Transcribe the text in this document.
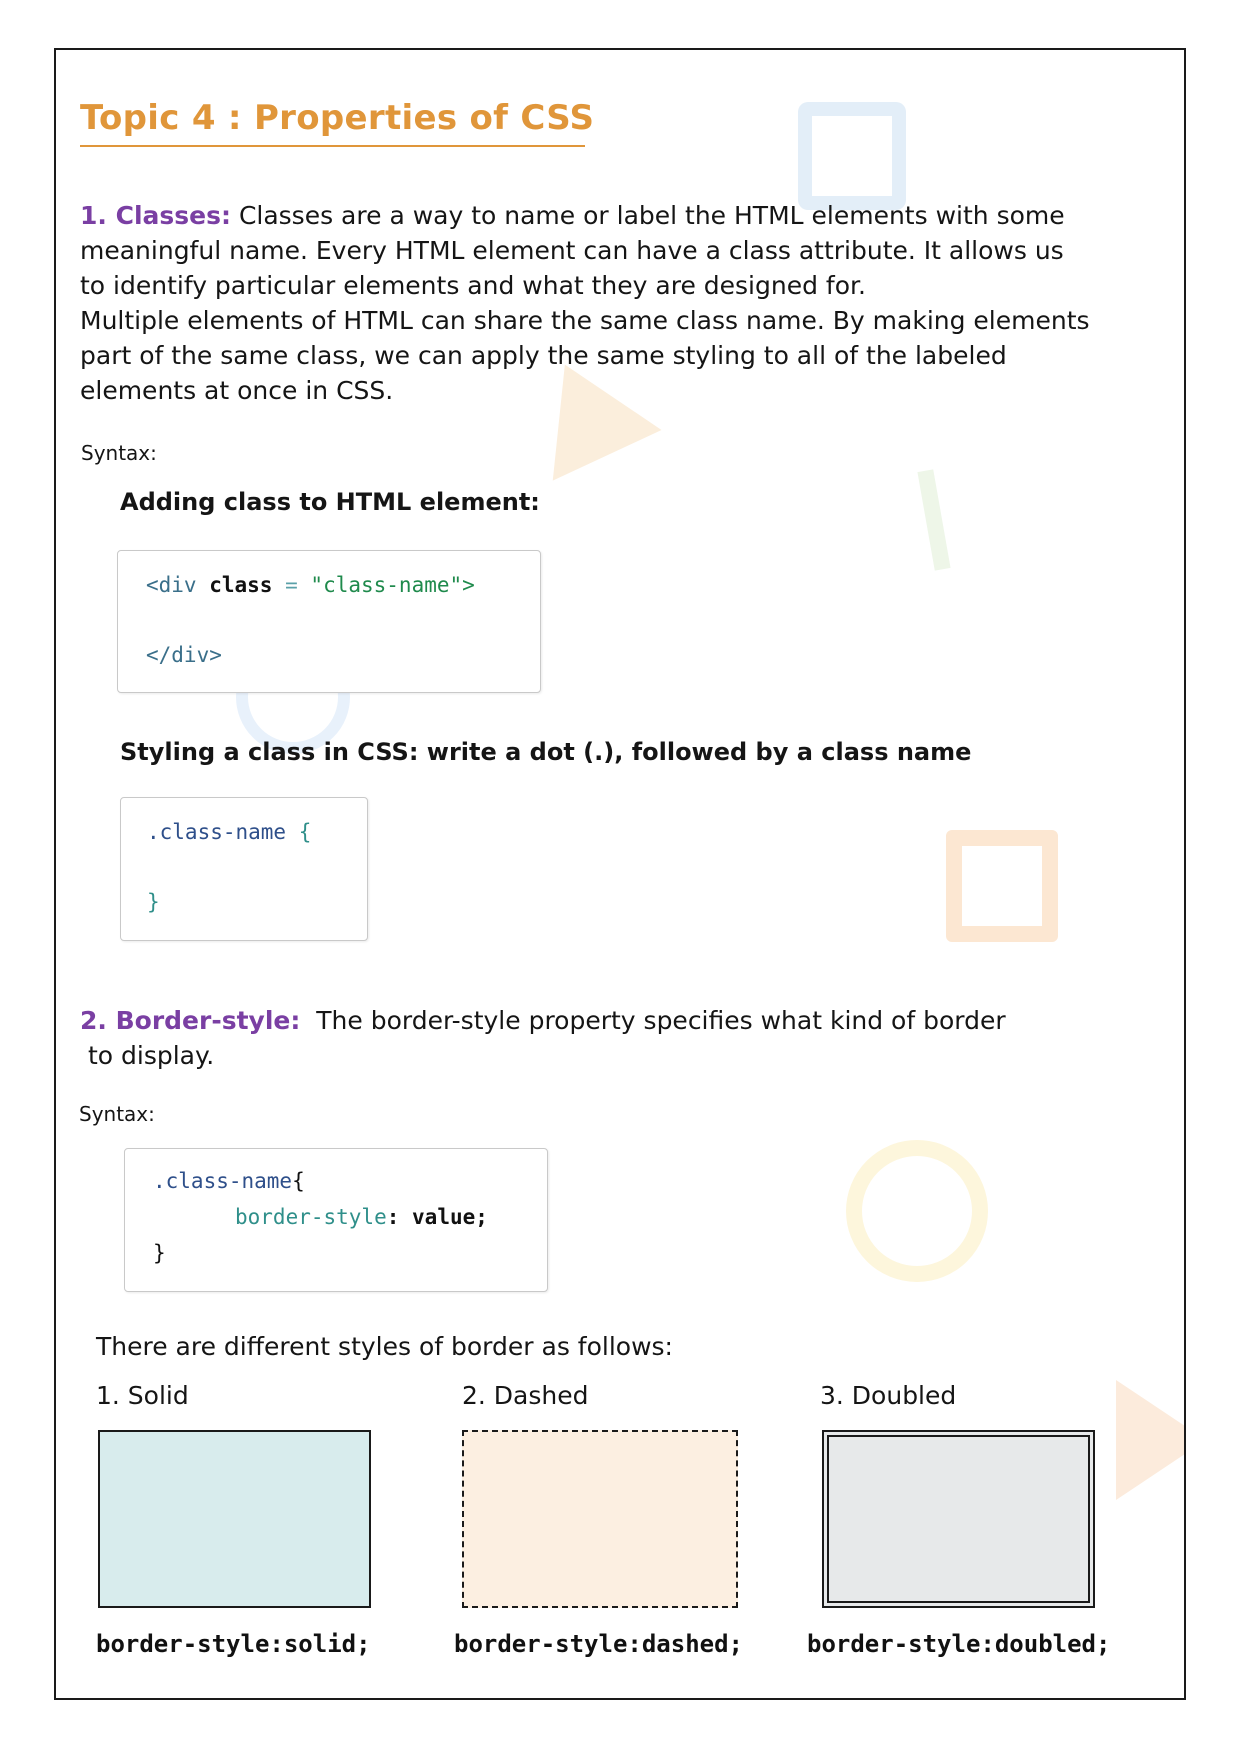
Topic 4 : Properties of CSS

1. Classes: Classes are a way to name or label the HTML elements with some
meaningful name. Every HTML element can have a class attribute. It allows us
to identify particular elements and what they are designed for.
Multiple elements of HTML can share the same class name. By making elements
part of the same class, we can apply the same styling to all of the labeled
elements at once in CSS.

Syntax:

Adding class to HTML element:

<div class = "class-name">
</div>

Styling a class in CSS: write a dot (.), followed by a class name

.class-name {
}

2. Border-style: The border-style property specifies what kind of border
to display.

Syntax:

.class-name{
border-style: value;
}

There are different styles of border as follows:

1. Solid	2. Dashed	3. Doubled

border-style:solid;	border-style:dashed;	border-style:doubled;
